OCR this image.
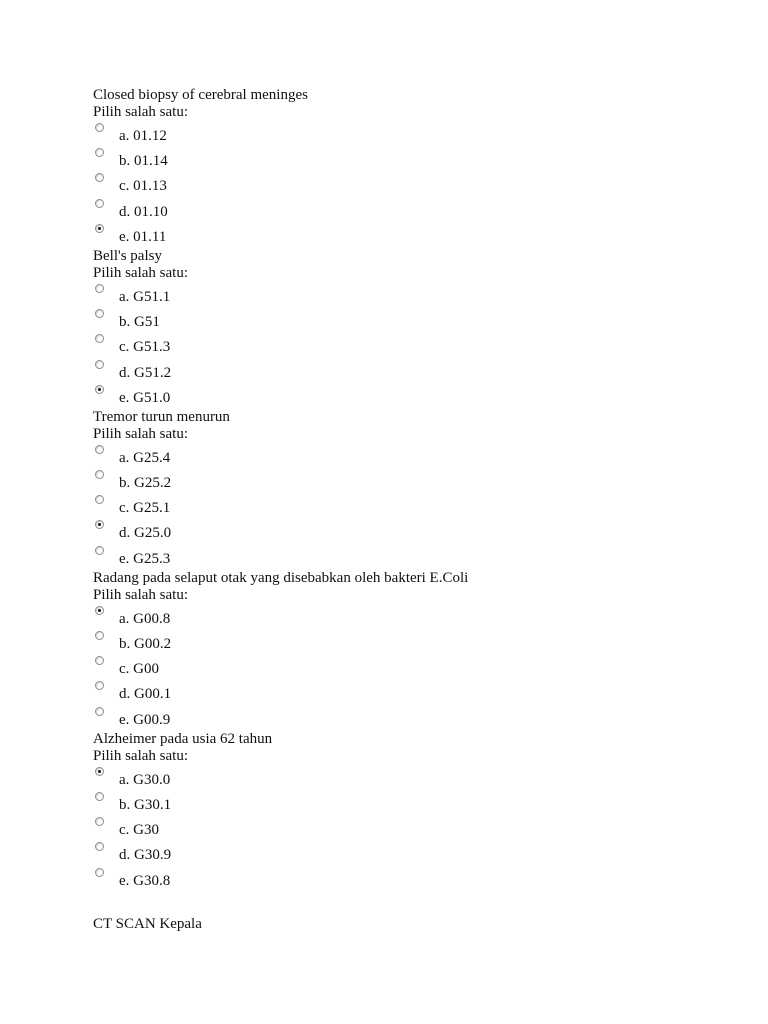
Closed biopsy of cerebral meninges
Pilih salah satu:
a. 01.12
b. 01.14
c. 01.13
d. 01.10
e. 01.11
Bell's palsy
Pilih salah satu:
a. G51.1
b. G51
c. G51.3
d. G51.2
e. G51.0
Tremor turun menurun
Pilih salah satu:
a. G25.4
b. G25.2
c. G25.1
d. G25.0
e. G25.3
Radang pada selaput otak yang disebabkan oleh bakteri E.Coli
Pilih salah satu:
a. G00.8
b. G00.2
c. G00
d. G00.1
e. G00.9
Alzheimer pada usia 62 tahun
Pilih salah satu:
a. G30.0
b. G30.1
c. G30
d. G30.9
e. G30.8
CT SCAN Kepala
